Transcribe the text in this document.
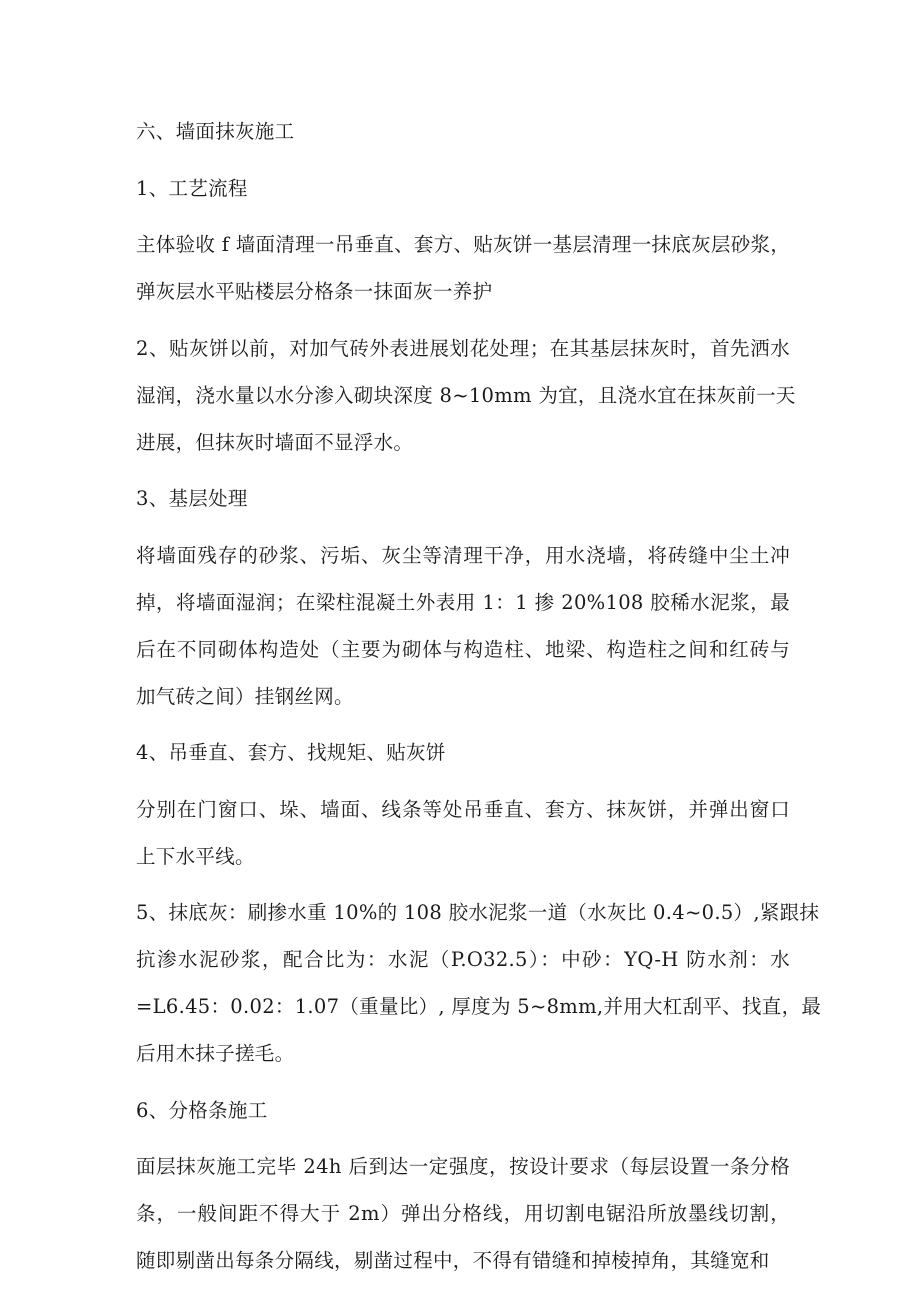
六、墙面抹灰施工
1、工艺流程
主体验收 f 墙面清理一吊垂直、套方、贴灰饼一基层清理一抹底灰层砂浆，
弹灰层水平贴楼层分格条一抹面灰一养护
2、贴灰饼以前，对加气砖外表进展划花处理；在其基层抹灰时，首先洒水
湿润，浇水量以水分渗入砌块深度 8~10mm 为宜，且浇水宜在抹灰前一天
进展，但抹灰时墙面不显浮水。
3、基层处理
将墙面残存的砂浆、污垢、灰尘等清理干净，用水浇墙，将砖缝中尘土冲
掉，将墙面湿润；在梁柱混凝土外表用 1：1 掺 20%108 胶稀水泥浆，最
后在不同砌体构造处（主要为砌体与构造柱、地梁、构造柱之间和红砖与
加气砖之间）挂钢丝网。
4、吊垂直、套方、找规矩、贴灰饼
分别在门窗口、垛、墙面、线条等处吊垂直、套方、抹灰饼，并弹出窗口
上下水平线。
5、抹底灰：刷掺水重 10%的 108 胶水泥浆一道（水灰比 0.4~0.5）,紧跟抹
抗渗水泥砂浆，配合比为：水泥（P.O32.5）：中砂：YQ-H 防水剂：水
=L6.45：0.02：1.07（重量比）, 厚度为 5~8mm,并用大杠刮平、找直，最
后用木抹子搓毛。
6、分格条施工
面层抹灰施工完毕 24h 后到达一定强度，按设计要求（每层设置一条分格
条，一般间距不得大于 2m）弹出分格线，用切割电锯沿所放墨线切割，
随即剔凿出每条分隔线，剔凿过程中，不得有错缝和掉棱掉角，其缝宽和
